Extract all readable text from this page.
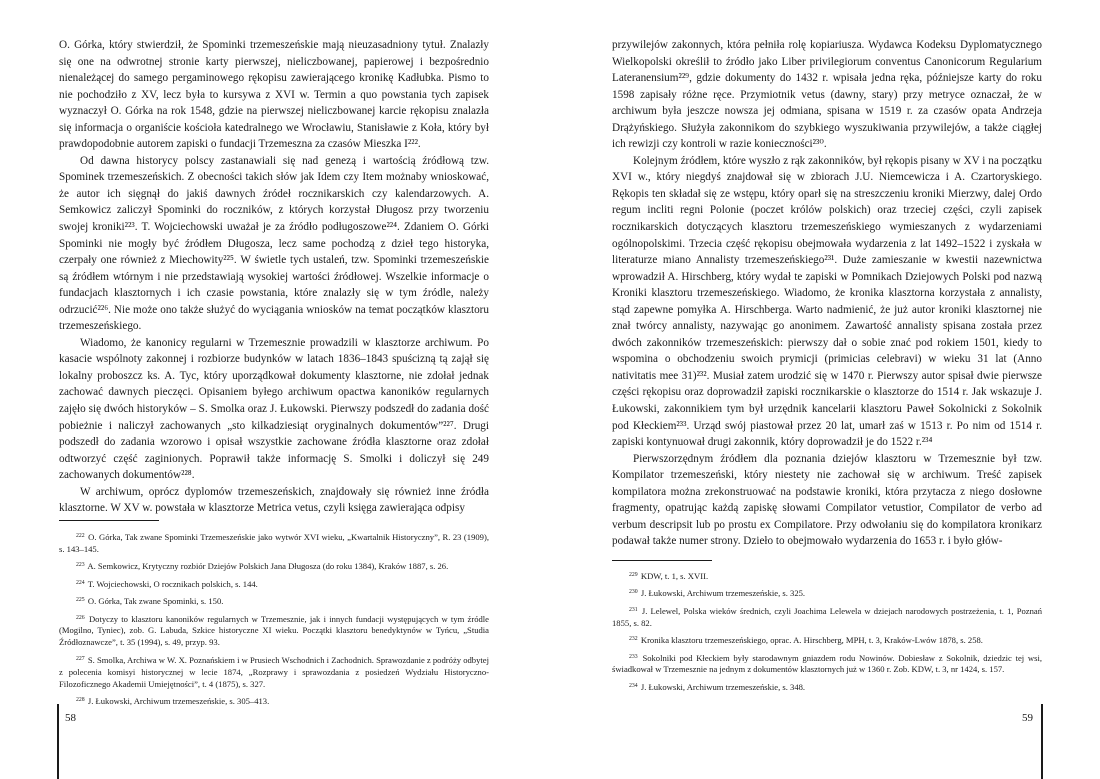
O. Górka, który stwierdził, że Spominki trzemeszeńskie mają nieuzasadniony tytuł. Znalazły się one na odwrotnej stronie karty pierwszej, nieliczbowanej, papierowej i bezpośrednio nienależącej do samego pergaminowego rękopisu zawierającego kronikę Kadłubka. Pismo to nie pochodziło z XV, lecz była to kursywa z XVI w. Termin a quo powstania tych zapisek wyznaczył O. Górka na rok 1548, gdzie na pierwszej nieliczbowanej karcie rękopisu znalazła się informacja o organiście kościoła katedralnego we Wrocławiu, Stanisławie z Koła, który był prawdopodobnie autorem zapiski o fundacji Trzemeszna za czasów Mieszka I²²².

Od dawna historycy polscy zastanawiali się nad genezą i wartością źródłową tzw. Spominek trzemeszeńskich. Z obecności takich słów jak Idem czy Item możnaby wnioskować, że autor ich sięgnął do jakiś dawnych źródeł rocznikarskich czy kalendarzowych. A. Semkowicz zaliczył Spominki do roczników, z których korzystał Długosz przy tworzeniu swojej kroniki²²³. T. Wojciechowski uważał je za źródło podługoszowe²²⁴. Zdaniem O. Górki Spominki nie mogły być źródłem Długosza, lecz same pochodzą z dzieł tego historyka, czerpały one również z Miechowity²²⁵. W świetle tych ustaleń, tzw. Spominki trzemeszeńskie są źródłem wtórnym i nie przedstawiają wysokiej wartości źródłowej. Wszelkie informacje o fundacjach klasztornych i ich czasie powstania, które znalazły się w tym źródle, należy odrzucić²²⁶. Nie może ono także służyć do wyciągania wniosków na temat początków klasztoru trzemeszeńskiego.

Wiadomo, że kanonicy regularni w Trzemesznie prowadzili w klasztorze archiwum. Po kasacie wspólnoty zakonnej i rozbiorze budynków w latach 1836–1843 spuścizną tą zajął się lokalny proboszcz ks. A. Tyc, który uporządkował dokumenty klasztorne, nie zdołał jednak zachować dawnych pieczęci. Opisaniem byłego archiwum opactwa kanoników regularnych zajęło się dwóch historyków – S. Smolka oraz J. Łukowski. Pierwszy podszedł do zadania dość pobieżnie i naliczył zachowanych „sto kilkadziesiąt oryginalnych dokumentów”²²⁷. Drugi podszedł do zadania wzorowo i opisał wszystkie zachowane źródła klasztorne oraz zdołał odtworzyć część zaginionych. Poprawił także informację S. Smolki i doliczył się 249 zachowanych dokumentów²²⁸.

W archiwum, oprócz dyplomów trzemeszeńskich, znajdowały się również inne źródła klasztorne. W XV w. powstała w klasztorze Metrica vetus, czyli księga zawierająca odpisy

$^{222}$ O. Górka, Tak zwane Spominki Trzemeszeńskie jako wytwór XVI wieku, „Kwartalnik Historyczny”, R. 23 (1909), s. 143–145.

$^{223}$ A. Semkowicz, Krytyczny rozbiór Dziejów Polskich Jana Długosza (do roku 1384), Kraków 1887, s. 26.

$^{224}$ T. Wojciechowski, O rocznikach polskich, s. 144.

$^{225}$ O. Górka, Tak zwane Spominki, s. 150.

$^{226}$ Dotyczy to klasztoru kanoników regularnych w Trzemesznie, jak i innych fundacji występujących w tym źródle (Mogilno, Tyniec), zob. G. Labuda, Szkice historyczne XI wieku. Początki klasztoru benedyktynów w Tyńcu, „Studia Źródłoznawcze”, t. 35 (1994), s. 49, przyp. 93.

$^{227}$ S. Smolka, Archiwa w W. X. Poznańskiem i w Prusiech Wschodnich i Zachodnich. Sprawozdanie z podróży odbytej z polecenia komisyi historycznej w lecie 1874, „Rozprawy i sprawozdania z posiedzeń Wydziału Historyczno-Filozoficznego Akademii Umiejętności”, t. 4 (1875), s. 327.

$^{228}$ J. Łukowski, Archiwum trzemeszeńskie, s. 305–413.

58

przywilejów zakonnych, która pełniła rolę kopiariusza. Wydawca Kodeksu Dyplomatycznego Wielkopolski określił to źródło jako Liber privilegiorum conventus Canonicorum Regularium Lateranensium²²⁹, gdzie dokumenty do 1432 r. wpisała jedna ręka, późniejsze karty do roku 1598 zapisały różne ręce. Przymiotnik vetus (dawny, stary) przy metryce oznaczał, że w archiwum była jeszcze nowsza jej odmiana, spisana w 1519 r. za czasów opata Andrzeja Drążyńskiego. Służyła zakonnikom do szybkiego wyszukiwania przywilejów, a także ciągłej ich rewizji czy kontroli w razie konieczności²³⁰.

Kolejnym źródłem, które wyszło z rąk zakonników, był rękopis pisany w XV i na początku XVI w., który niegdyś znajdował się w zbiorach J.U. Niemcewicza i A. Czartoryskiego. Rękopis ten składał się ze wstępu, który oparł się na streszczeniu kroniki Mierzwy, dalej Ordo regum incliti regni Polonie (poczet królów polskich) oraz trzeciej części, czyli zapisek rocznikarskich dotyczących klasztoru trzemeszeńskiego wymieszanych z wydarzeniami ogólnopolskimi. Trzecia część rękopisu obejmowała wydarzenia z lat 1492–1522 i zyskała w literaturze miano Annalisty trzemeszeńskiego²³¹. Duże zamieszanie w kwestii nazewnictwa wprowadził A. Hirschberg, który wydał te zapiski w Pomnikach Dziejowych Polski pod nazwą Kroniki klasztoru trzemeszeńskiego. Wiadomo, że kronika klasztorna korzystała z annalisty, stąd zapewne pomyłka A. Hirschberga. Warto nadmienić, że już autor kroniki klasztornej nie znał twórcy annalisty, nazywając go anonimem. Zawartość annalisty spisana została przez dwóch zakonników trzemeszeńskich: pierwszy dał o sobie znać pod rokiem 1501, kiedy to wspomina o obchodzeniu swoich prymicji (primicias celebravi) w wieku 31 lat (Anno nativitatis mee 31)²³². Musiał zatem urodzić się w 1470 r. Pierwszy autor spisał dwie pierwsze części rękopisu oraz doprowadził zapiski rocznikarskie o klasztorze do 1514 r. Jak wskazuje J. Łukowski, zakonnikiem tym był urzędnik kancelarii klasztoru Paweł Sokolnicki z Sokolnik pod Kłeckiem²³³. Urząd swój piastował przez 20 lat, umarł zaś w 1513 r. Po nim od 1514 r. zapiski kontynuował drugi zakonnik, który doprowadził je do 1522 r.²³⁴

Pierwszorzędnym źródłem dla poznania dziejów klasztoru w Trzemesznie był tzw. Kompilator trzemeszeński, który niestety nie zachował się w archiwum. Treść zapisek kompilatora można zrekonstruować na podstawie kroniki, która przytacza z niego dosłowne fragmenty, opatrując każdą zapiskę słowami Compilator vetustior, Compilator de verbo ad verbum descripsit lub po prostu ex Compilatore. Przy odwołaniu się do kompilatora kronikarz podawał także numer strony. Dzieło to obejmowało wydarzenia do 1653 r. i było głów-

$^{229}$ KDW, t. 1, s. XVII.

$^{230}$ J. Łukowski, Archiwum trzemeszeńskie, s. 325.

$^{231}$ J. Lelewel, Polska wieków średnich, czyli Joachima Lelewela w dziejach narodowych postrzeżenia, t. 1, Poznań 1855, s. 82.

$^{232}$ Kronika klasztoru trzemeszeńskiego, oprac. A. Hirschberg, MPH, t. 3, Kraków-Lwów 1878, s. 258.

$^{233}$ Sokolniki pod Kłeckiem były starodawnym gniazdem rodu Nowinów. Dobiesław z Sokolnik, dziedzic tej wsi, świadkował w Trzemesznie na jednym z dokumentów klasztornych już w 1360 r. Zob. KDW, t. 3, nr 1424, s. 157.

$^{234}$ J. Łukowski, Archiwum trzemeszeńskie, s. 348.

59
